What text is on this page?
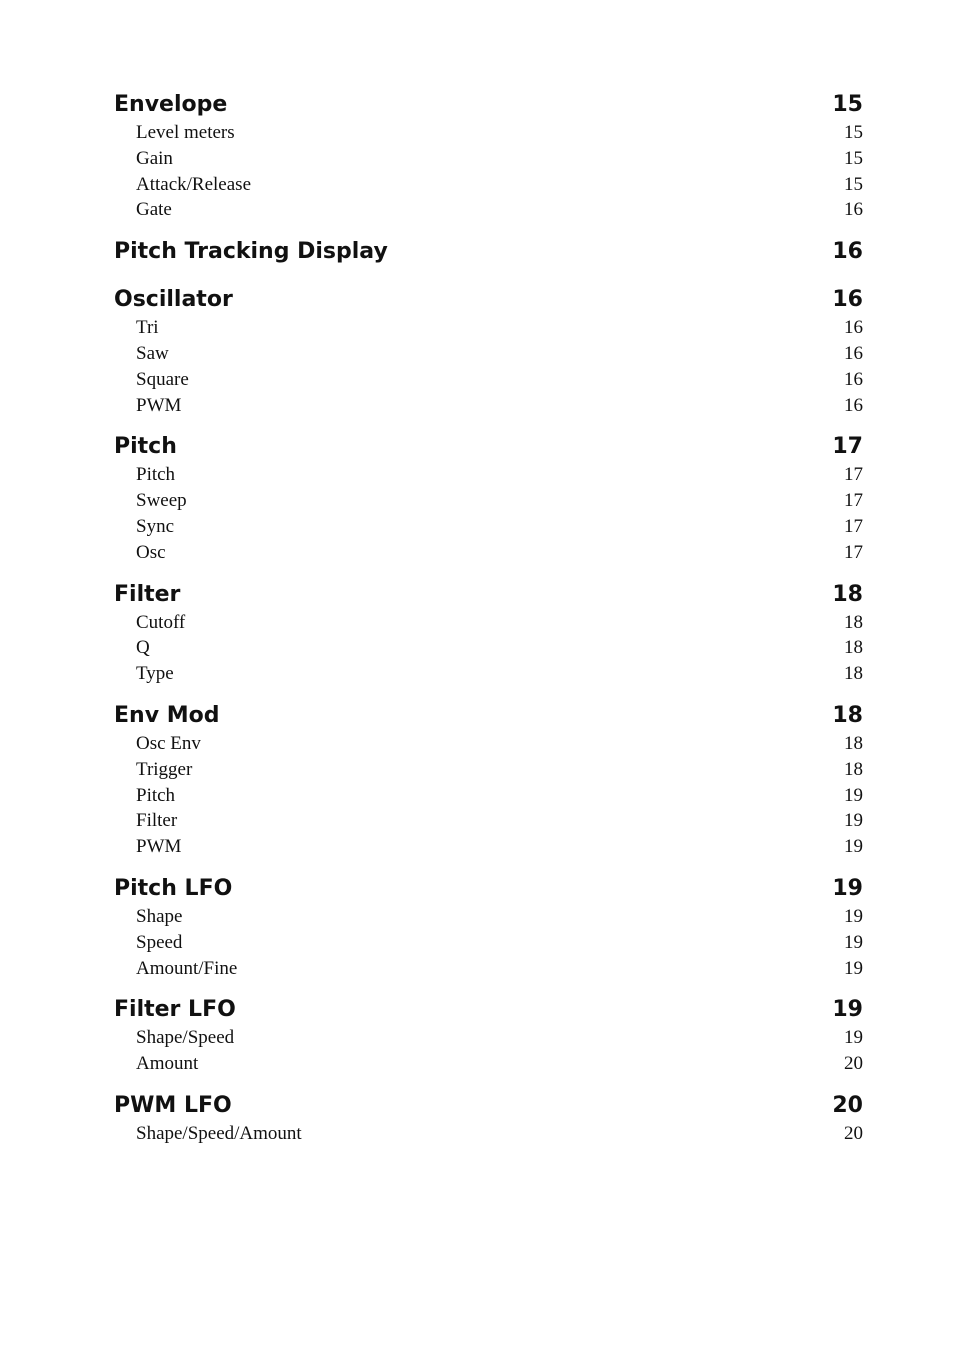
Envelope	15
Level meters	15
Gain	15
Attack/Release	15
Gate	16
Pitch Tracking Display	16
Oscillator	16
Tri	16
Saw	16
Square	16
PWM	16
Pitch	17
Pitch	17
Sweep	17
Sync	17
Osc	17
Filter	18
Cutoff	18
Q	18
Type	18
Env Mod	18
Osc Env	18
Trigger	18
Pitch	19
Filter	19
PWM	19
Pitch LFO	19
Shape	19
Speed	19
Amount/Fine	19
Filter LFO	19
Shape/Speed	19
Amount	20
PWM LFO	20
Shape/Speed/Amount	20
